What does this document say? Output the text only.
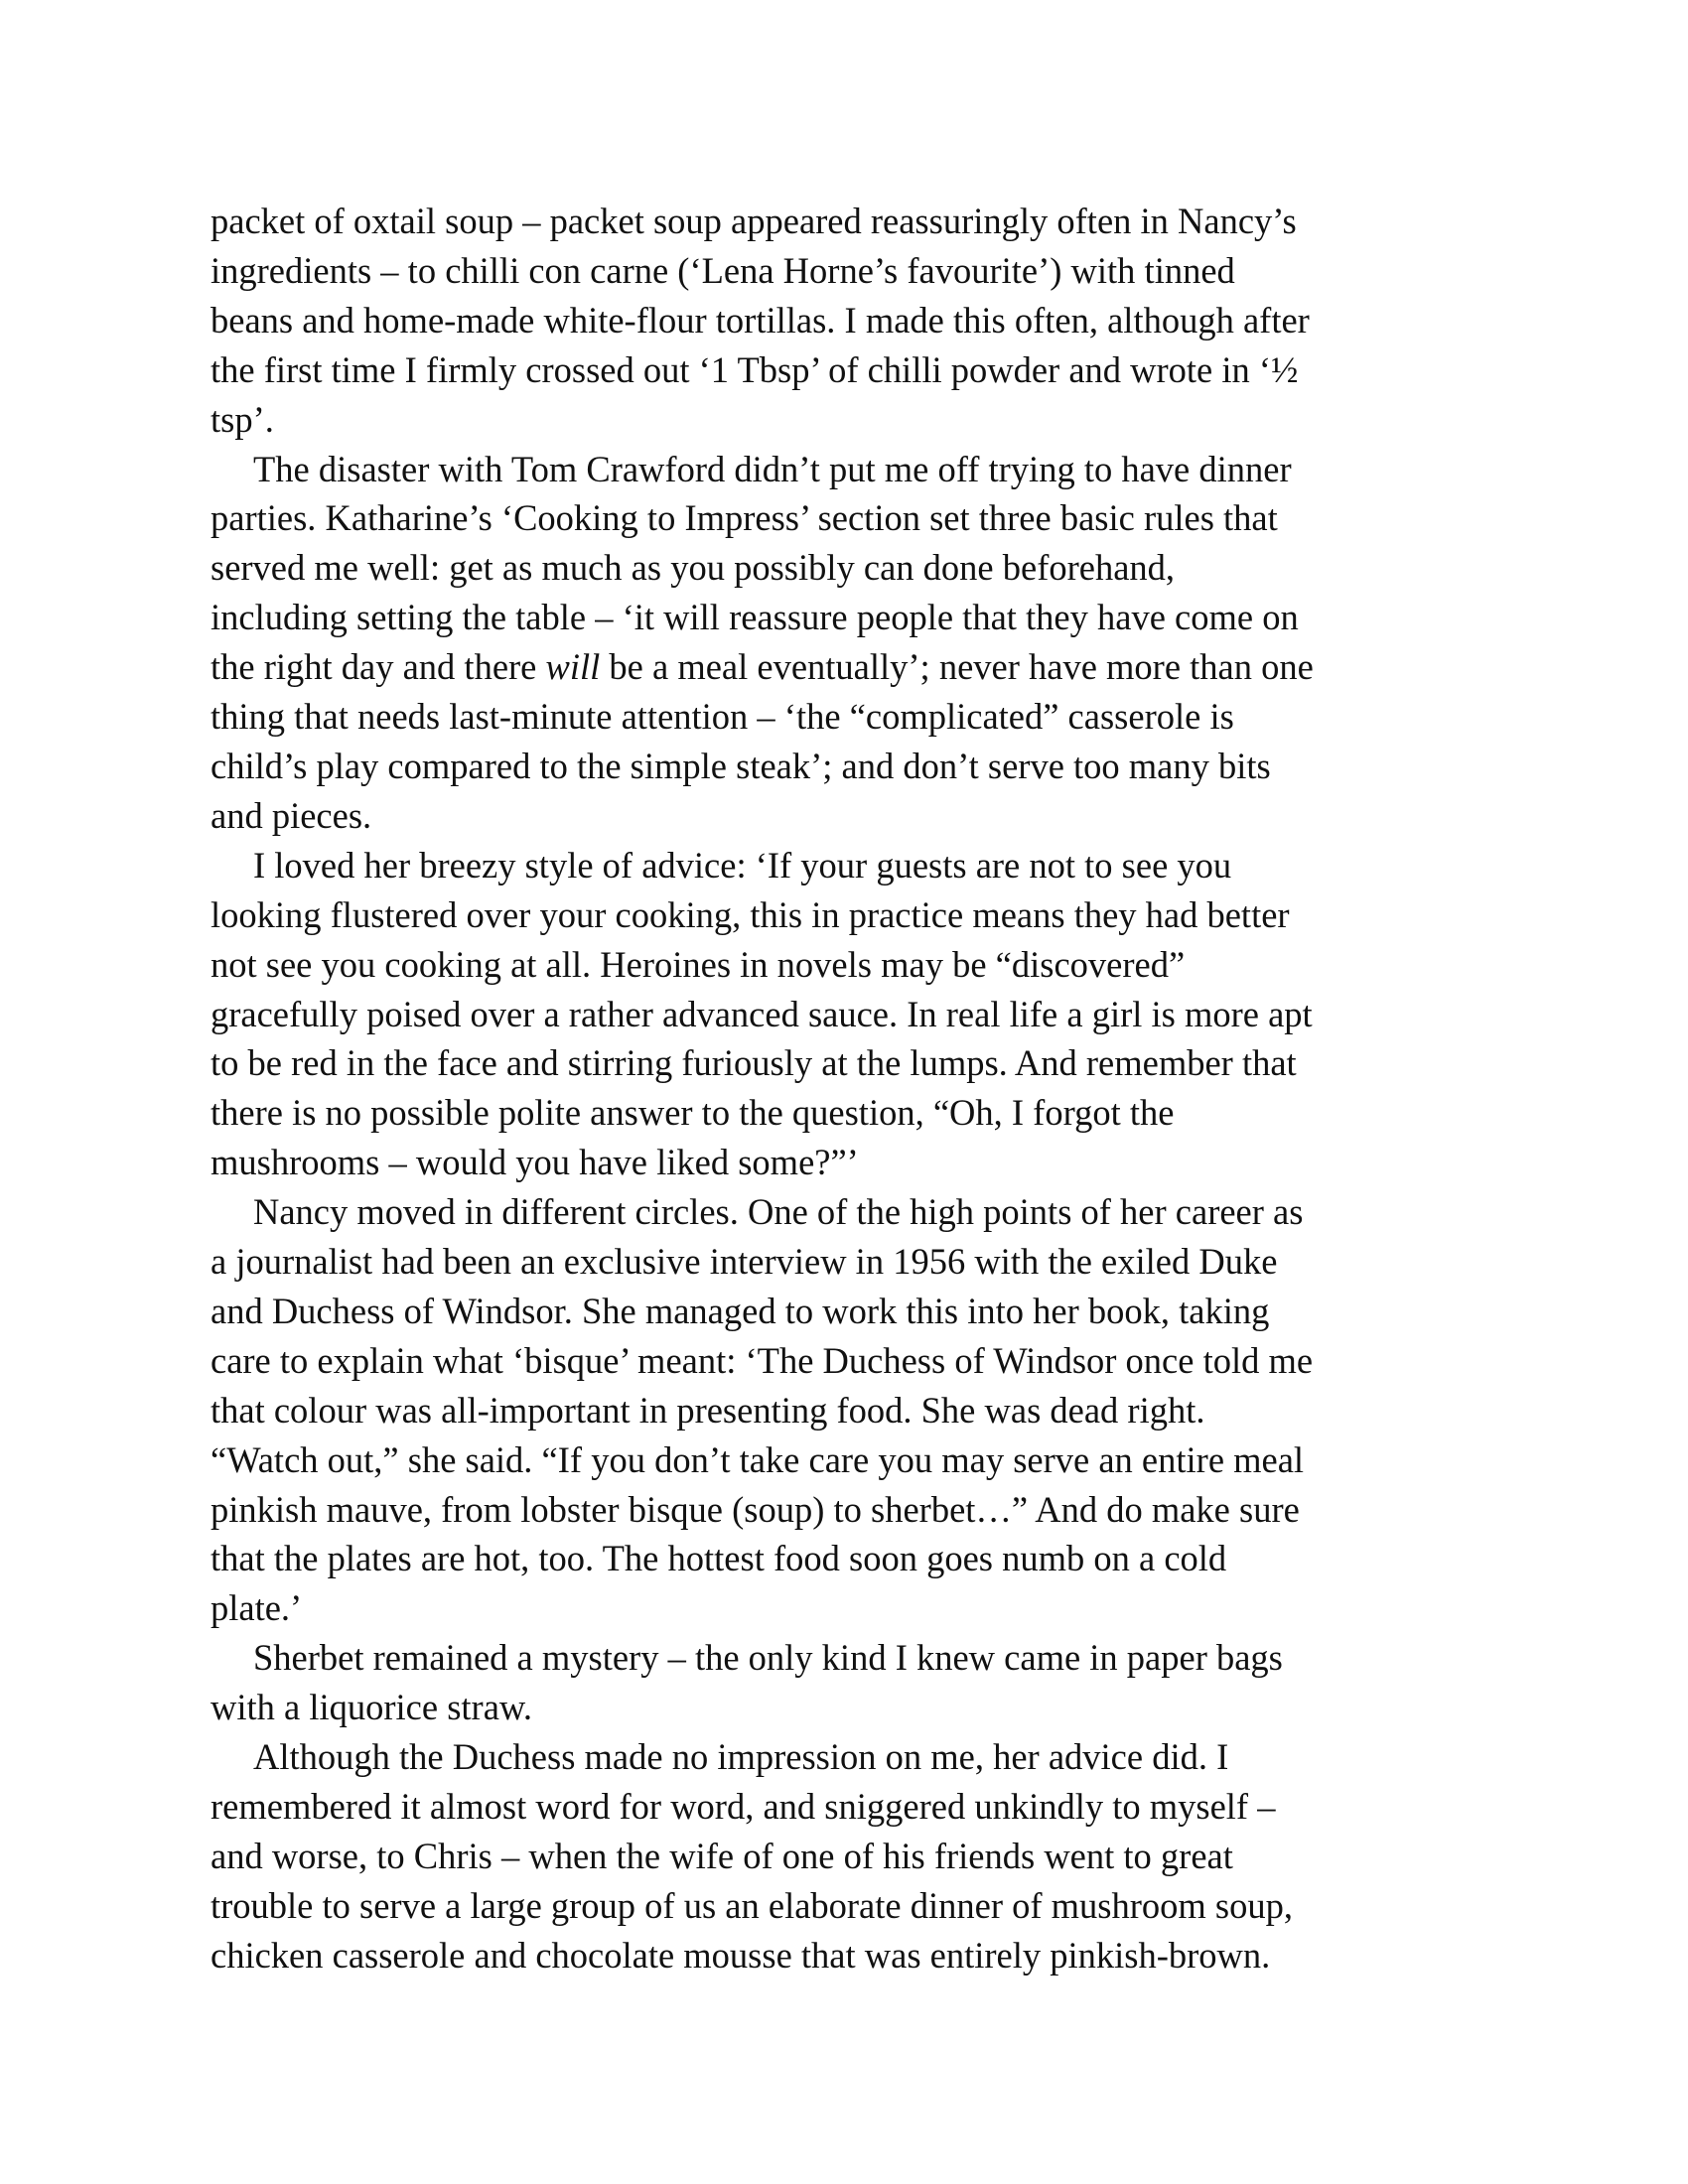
packet of oxtail soup – packet soup appeared reassuringly often in Nancy’s
ingredients – to chilli con carne (‘Lena Horne’s favourite’) with tinned
beans and home-made white-flour tortillas. I made this often, although after
the first time I firmly crossed out ‘1 Tbsp’ of chilli powder and wrote in ‘½
tsp’.
The disaster with Tom Crawford didn’t put me off trying to have dinner
parties. Katharine’s ‘Cooking to Impress’ section set three basic rules that
served me well: get as much as you possibly can done beforehand,
including setting the table – ‘it will reassure people that they have come on
the right day and there will be a meal eventually’; never have more than one
thing that needs last-minute attention – ‘the “complicated” casserole is
child’s play compared to the simple steak’; and don’t serve too many bits
and pieces.
I loved her breezy style of advice: ‘If your guests are not to see you
looking flustered over your cooking, this in practice means they had better
not see you cooking at all. Heroines in novels may be “discovered”
gracefully poised over a rather advanced sauce. In real life a girl is more apt
to be red in the face and stirring furiously at the lumps. And remember that
there is no possible polite answer to the question, “Oh, I forgot the
mushrooms – would you have liked some?”’
Nancy moved in different circles. One of the high points of her career as
a journalist had been an exclusive interview in 1956 with the exiled Duke
and Duchess of Windsor. She managed to work this into her book, taking
care to explain what ‘bisque’ meant: ‘The Duchess of Windsor once told me
that colour was all-important in presenting food. She was dead right.
“Watch out,” she said. “If you don’t take care you may serve an entire meal
pinkish mauve, from lobster bisque (soup) to sherbet…” And do make sure
that the plates are hot, too. The hottest food soon goes numb on a cold
plate.’
Sherbet remained a mystery – the only kind I knew came in paper bags
with a liquorice straw.
Although the Duchess made no impression on me, her advice did. I
remembered it almost word for word, and sniggered unkindly to myself –
and worse, to Chris – when the wife of one of his friends went to great
trouble to serve a large group of us an elaborate dinner of mushroom soup,
chicken casserole and chocolate mousse that was entirely pinkish-brown.
